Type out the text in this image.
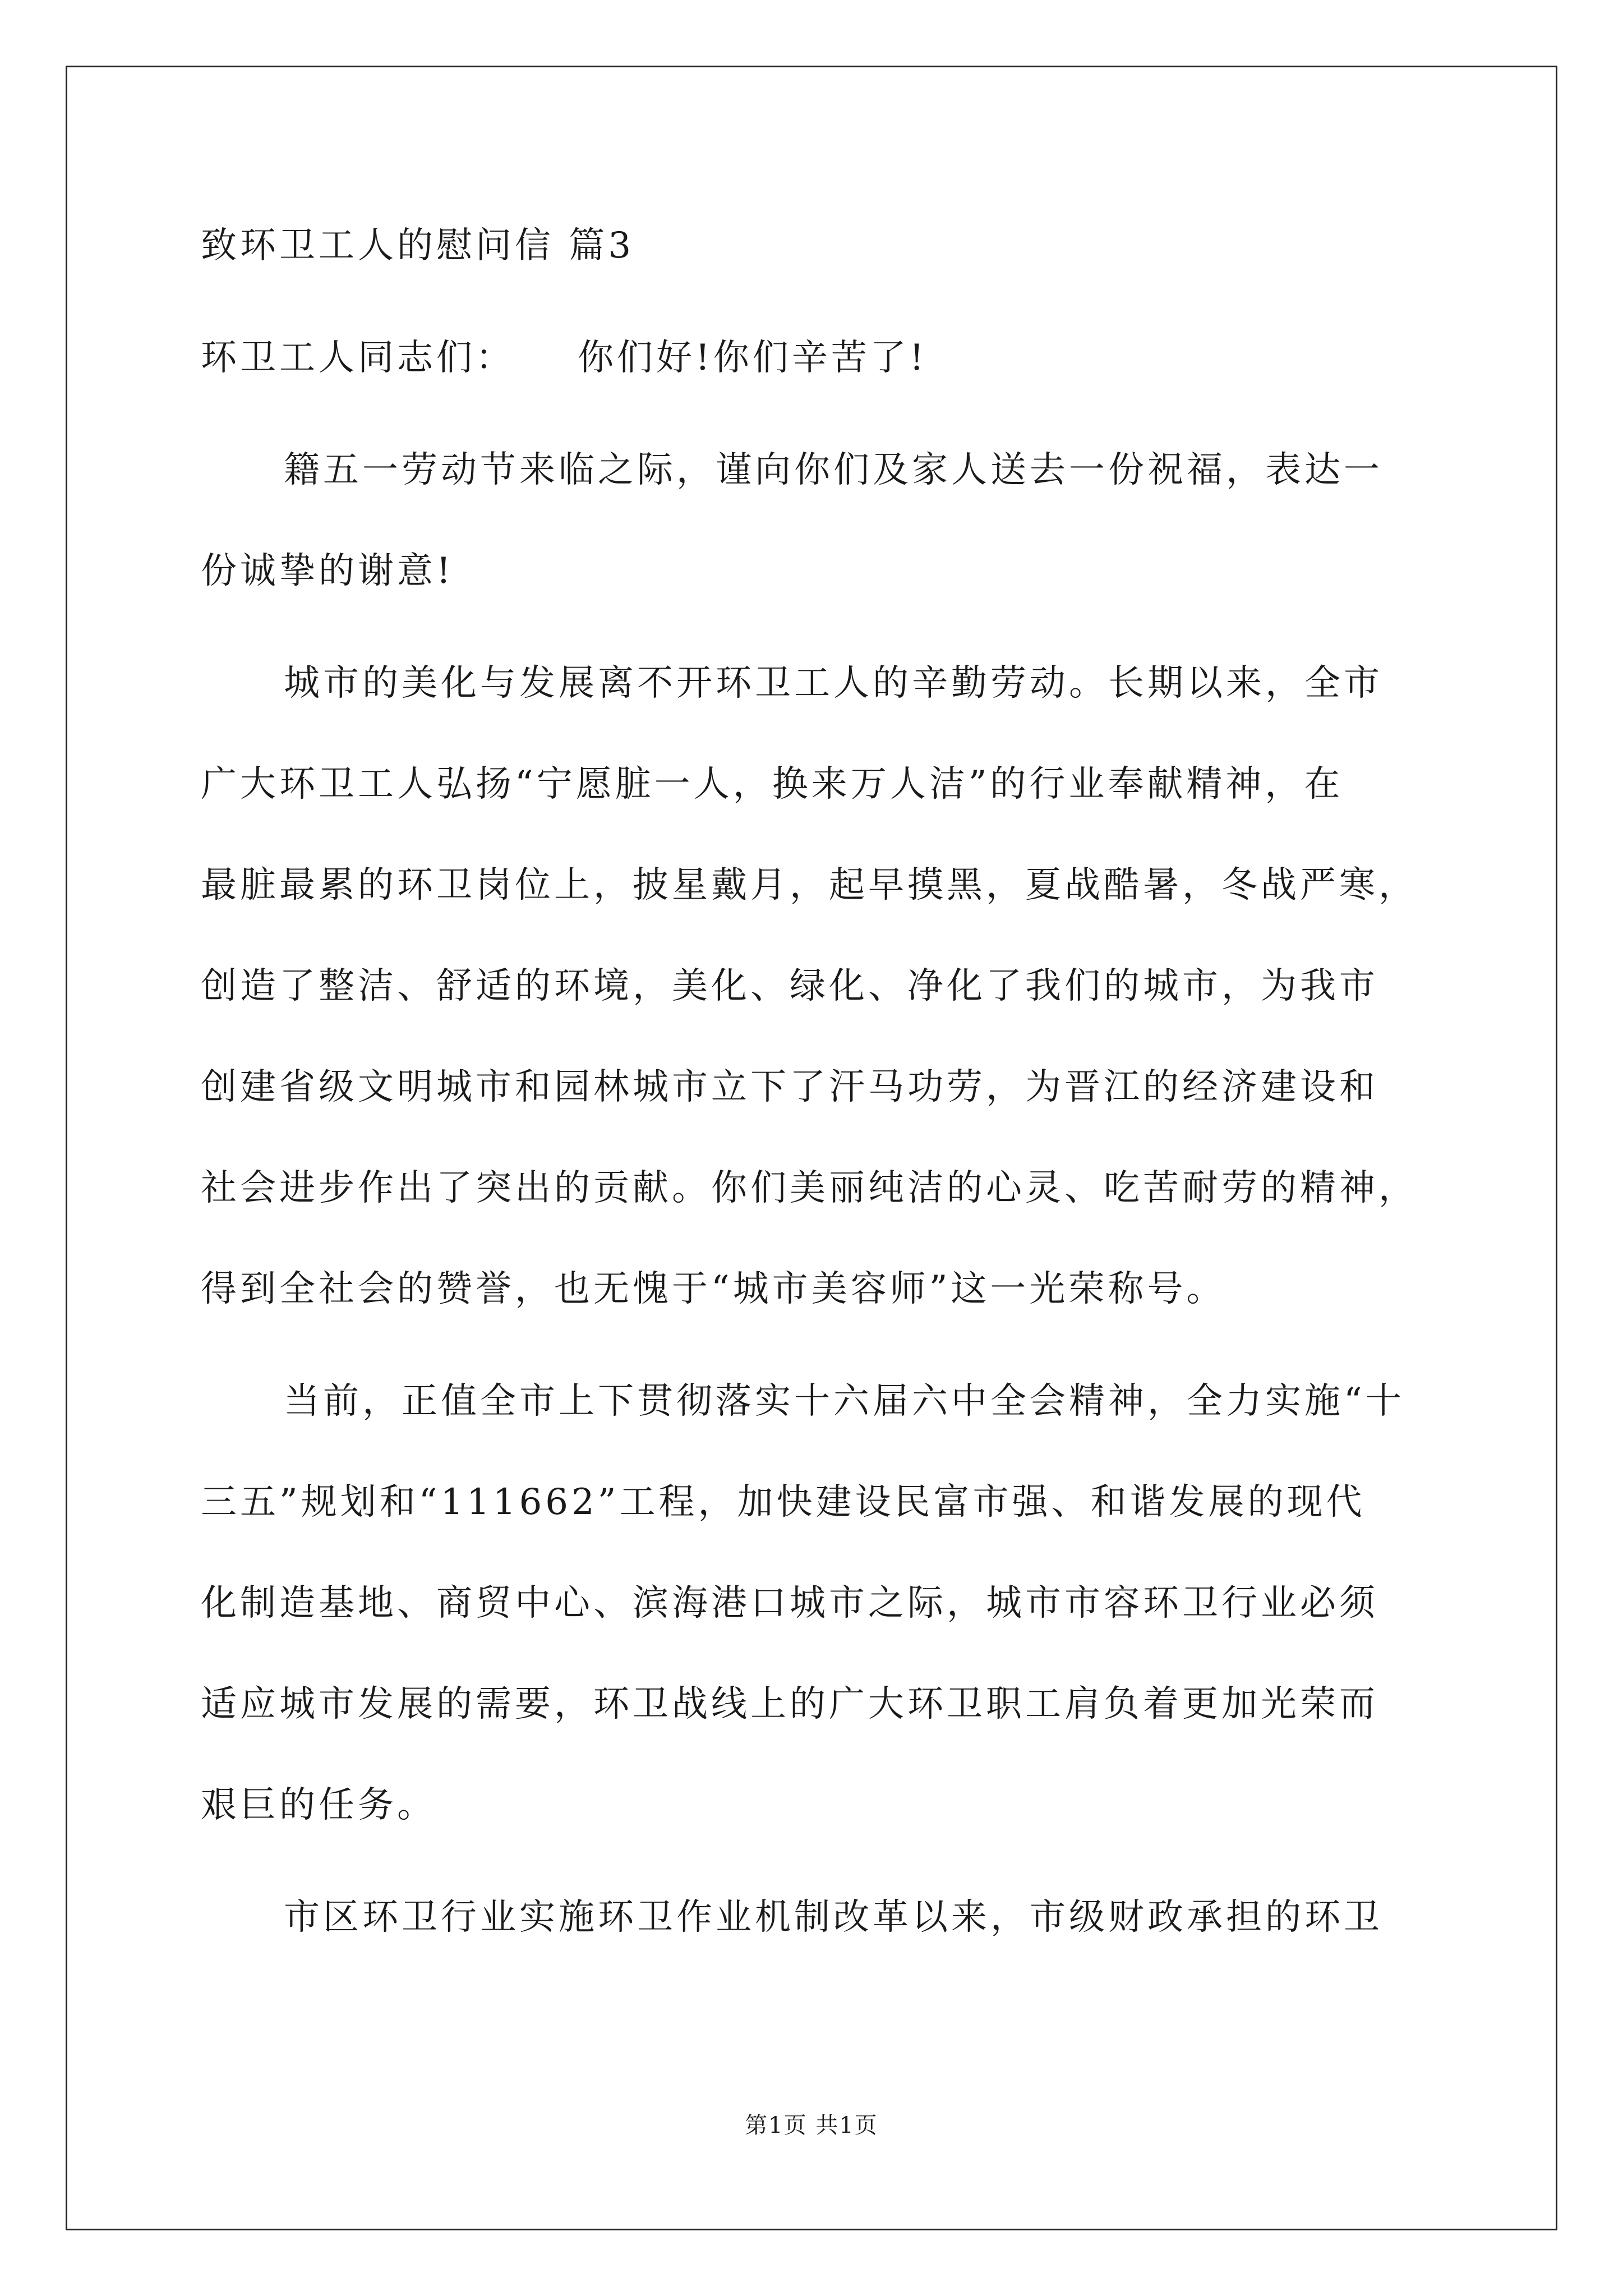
致环卫工人的慰问信 篇3
环卫工人同志们： 你们好!你们辛苦了!
籍五一劳动节来临之际，谨向你们及家人送去一份祝福，表达一
份诚挚的谢意!
城市的美化与发展离不开环卫工人的辛勤劳动。长期以来，全市
广大环卫工人弘扬“宁愿脏一人，换来万人洁”的行业奉献精神，在
最脏最累的环卫岗位上，披星戴月，起早摸黑，夏战酷暑，冬战严寒，
创造了整洁、舒适的环境，美化、绿化、净化了我们的城市，为我市
创建省级文明城市和园林城市立下了汗马功劳，为晋江的经济建设和
社会进步作出了突出的贡献。你们美丽纯洁的心灵、吃苦耐劳的精神，
得到全社会的赞誉，也无愧于“城市美容师”这一光荣称号。
当前，正值全市上下贯彻落实十六届六中全会精神，全力实施“十
三五”规划和“111662”工程，加快建设民富市强、和谐发展的现代
化制造基地、商贸中心、滨海港口城市之际，城市市容环卫行业必须
适应城市发展的需要，环卫战线上的广大环卫职工肩负着更加光荣而
艰巨的任务。
市区环卫行业实施环卫作业机制改革以来，市级财政承担的环卫
第1页 共1页
